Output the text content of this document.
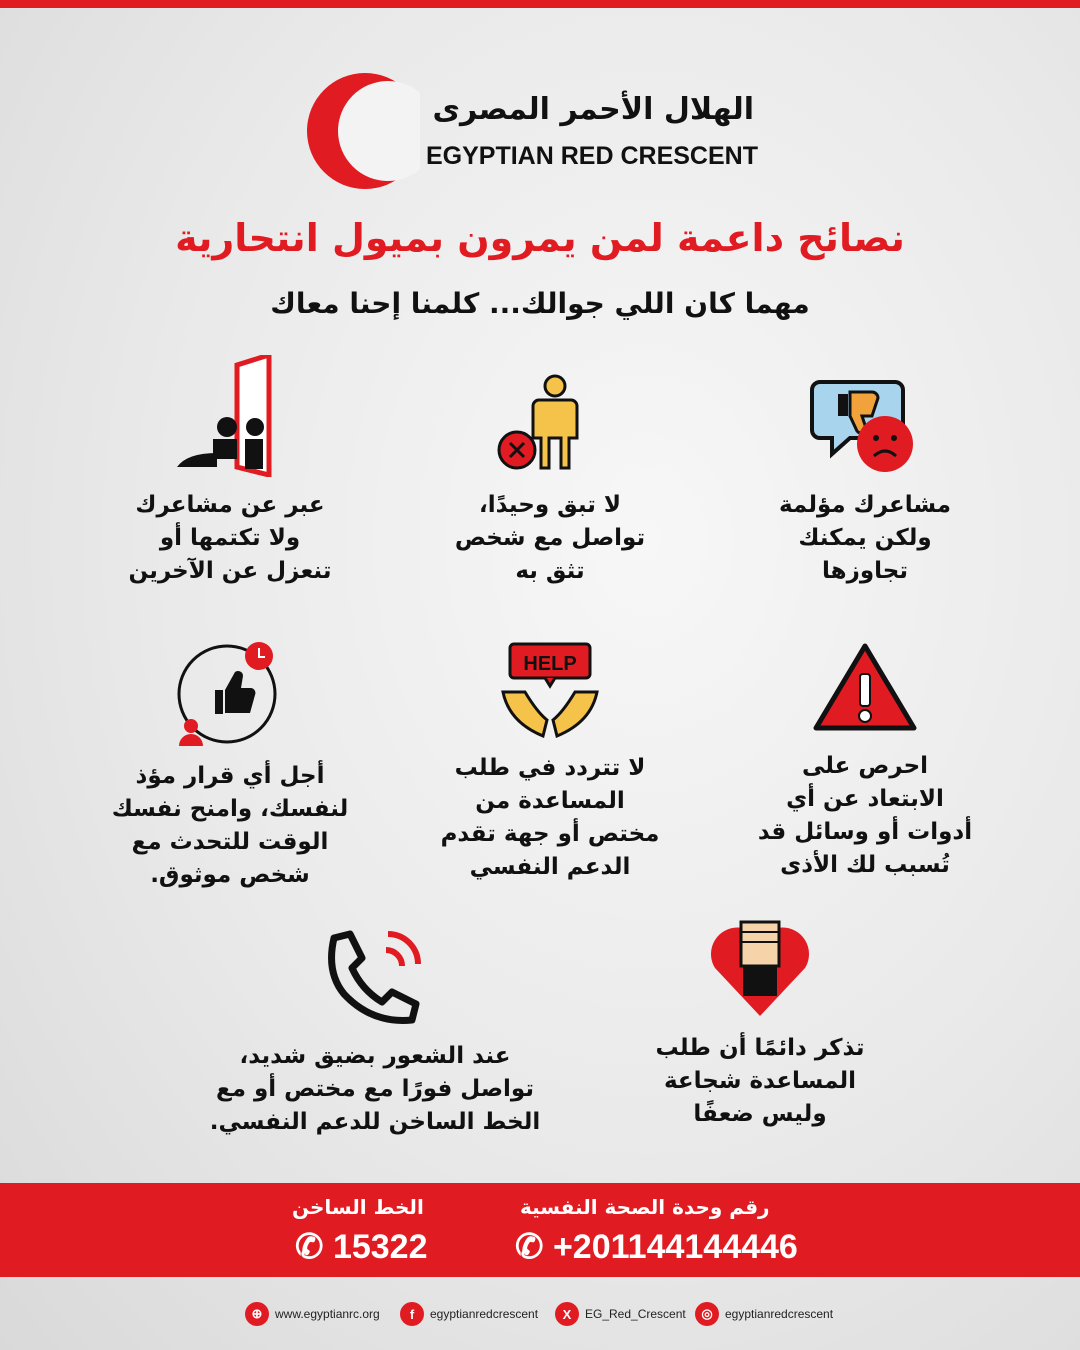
الهلال الأحمر المصرى
EGYPTIAN RED CRESCENT
نصائح داعمة لمن يمرون بميول انتحارية
مهما كان اللي جوالك... كلمنا إحنا معاك
مشاعرك مؤلمة
ولكن يمكنك
تجاوزها
لا تبق وحيدًا،
تواصل مع شخص
تثق به
عبر عن مشاعرك
ولا تكتمها أو
تنعزل عن الآخرين
احرص على
الابتعاد عن أي
أدوات أو وسائل قد
تُسبب لك الأذى
HELP
لا تتردد في طلب
المساعدة من
مختص أو جهة تقدم
الدعم النفسي
أجل أي قرار مؤذ
لنفسك، وامنح نفسك
الوقت للتحدث مع
شخص موثوق.
تذكر دائمًا أن طلب
المساعدة شجاعة
وليس ضعفًا
عند الشعور بضيق شديد،
تواصل فورًا مع مختص أو مع
الخط الساخن للدعم النفسي.
رقم وحدة الصحة النفسية
✆ +201144144446
الخط الساخن
✆ 15322
◎	egyptianredcrescent
X	EG_Red_Crescent
f	egyptianredcrescent
⊕	www.egyptianrc.org
